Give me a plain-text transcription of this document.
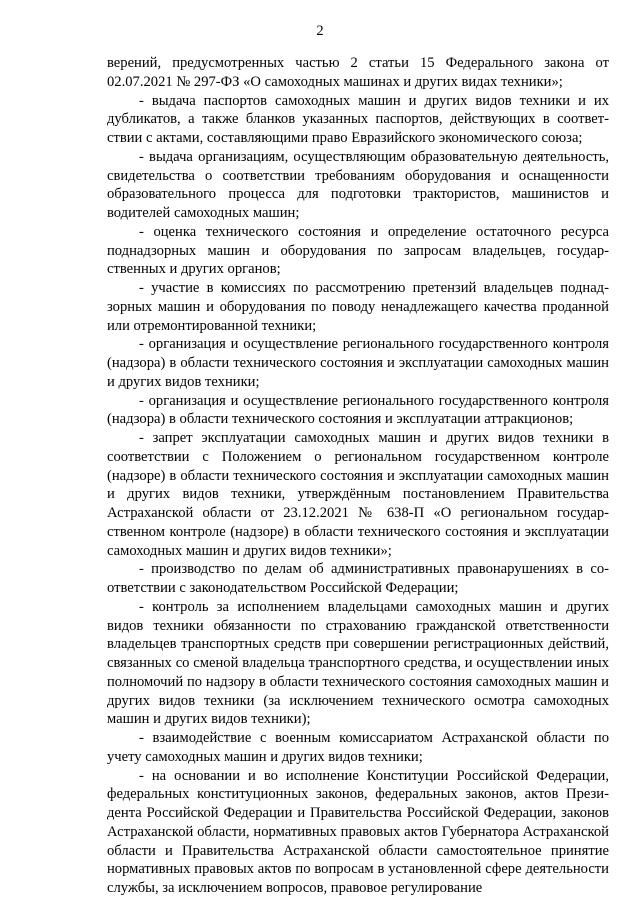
2

верений, предусмотренных частью 2 статьи 15 Федерального закона от 02.07.2021 № 297-ФЗ «О самоходных машинах и других видах техники»;

- выдача паспортов самоходных машин и других видов техники и их дубликатов, а также бланков указанных паспортов, действующих в соответствии с актами, составляющими право Евразийского экономического союза;

- выдача организациям, осуществляющим образовательную деятельность, свидетельства о соответствии требованиям оборудования и оснащенности образовательного процесса для подготовки трактористов, машинистов и водителей самоходных машин;

- оценка технического состояния и определение остаточного ресурса поднадзорных машин и оборудования по запросам владельцев, государственных и других органов;

- участие в комиссиях по рассмотрению претензий владельцев поднадзорных машин и оборудования по поводу ненадлежащего качества проданной или отремонтированной техники;

- организация и осуществление регионального государственного контроля (надзора) в области технического состояния и эксплуатации самоходных машин и других видов техники;

- организация и осуществление регионального государственного контроля (надзора) в области технического состояния и эксплуатации аттракционов;

- запрет эксплуатации самоходных машин и других видов техники в соответствии с Положением о региональном государственном контроле (надзоре) в области технического состояния и эксплуатации самоходных машин и других видов техники, утверждённым постановлением Правительства Астраханской области от 23.12.2021 № 638-П «О региональном государственном контроле (надзоре) в области технического состояния и эксплуатации самоходных машин и других видов техники»;

- производство по делам об административных правонарушениях в соответствии с законодательством Российской Федерации;

- контроль за исполнением владельцами самоходных машин и других видов техники обязанности по страхованию гражданской ответственности владельцев транспортных средств при совершении регистрационных действий, связанных со сменой владельца транспортного средства, и осуществлении иных полномочий по надзору в области технического состояния самоходных машин и других видов техники (за исключением технического осмотра самоходных машин и других видов техники);

- взаимодействие с военным комиссариатом Астраханской области по учету самоходных машин и других видов техники;

- на основании и во исполнение Конституции Российской Федерации, федеральных конституционных законов, федеральных законов, актов Президента Российской Федерации и Правительства Российской Федерации, законов Астраханской области, нормативных правовых актов Губернатора Астраханской области и Правительства Астраханской области самостоятельное принятие нормативных правовых актов по вопросам в установленной сфере деятельности службы, за исключением вопросов, правовое регулирование
